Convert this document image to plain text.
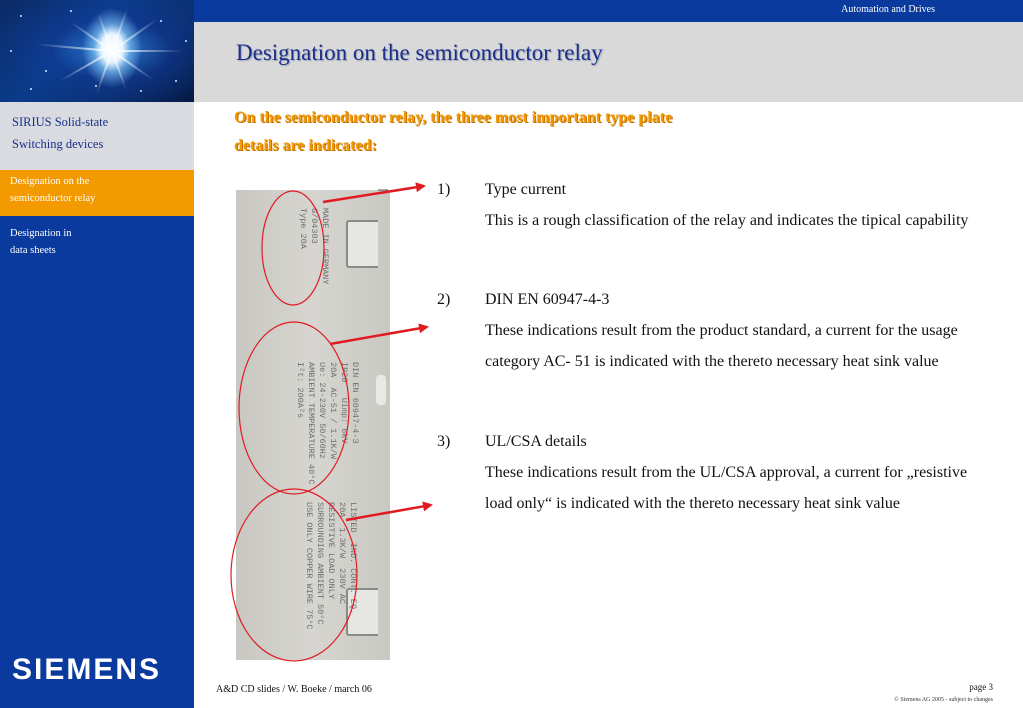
SIRIUS Solid-state
Switching devices
Designation on the
semiconductor relay
Designation in
data sheets
SIEMENS
Automation and Drives
Designation on the semiconductor relay
On the semiconductor relay, the three most important type plate
details are indicated:
MADE IN GERMANY
G/04303
Type 20A
DIN EN 60947-4-3
IP20   Uimp: 6kV
20A  AC-51 / 1.1K/W
Ue: 24-230V 50/60Hz
AMBIENT TEMPERATURE 40°C
I²t: 200A²s
LISTED  IND. CONT. EQ.
20A  1.3K/W  230V AC
RESISTIVE LOAD ONLY
SURROUNDING AMBIENT 50°C
USE ONLY COPPER WIRE 75°C
1) Type current
This is a rough classification of the relay and indicates the tipical capability
2) DIN EN 60947-4-3
These indications result from the product standard, a current for the usage category AC- 51 is indicated with the thereto necessary heat sink value
3) UL/CSA details
These indications result from the UL/CSA approval, a current for „resistive load only“ is indicated with the thereto necessary heat sink value
A&D CD slides / W. Boeke / march 06	page 3
© Siemens AG 2005 - subject to changes
